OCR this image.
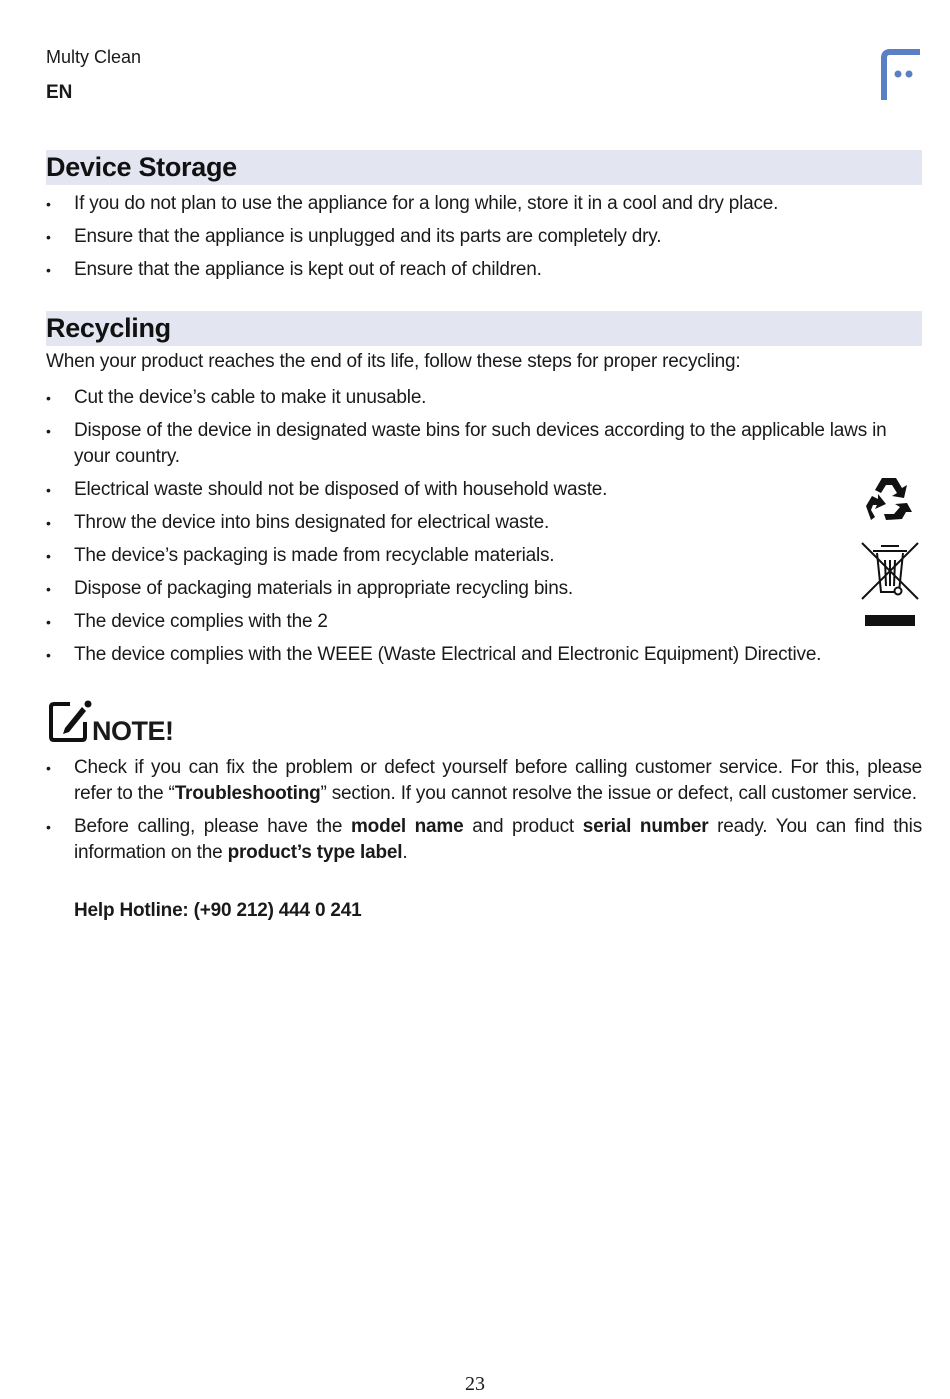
Multy Clean
EN
Device Storage
• If you do not plan to use the appliance for a long while, store it in a cool and dry place.
• Ensure that the appliance is unplugged and its parts are completely dry.
• Ensure that the appliance is kept out of reach of children.
Recycling
When your product reaches the end of its life, follow these steps for proper recycling:
• Cut the device’s cable to make it unusable.
• Dispose of the device in designated waste bins for such devices according to the applicable laws in your country.
• Electrical waste should not be disposed of with household waste.
• Throw the device into bins designated for electrical waste.
• The device’s packaging is made from recyclable materials.
• Dispose of packaging materials in appropriate recycling bins.
• The device complies with the 2
• The device complies with the WEEE (Waste Electrical and Electronic Equipment) Directive.
NOTE!
• Check if you can fix the problem or defect yourself before calling customer service. For this, please refer to the “Troubleshooting” section. If you cannot resolve the issue or defect, call customer service.
• Before calling, please have the model name and product serial number ready. You can find this information on the product’s type label.
Help Hotline: (+90 212) 444 0 241
23
